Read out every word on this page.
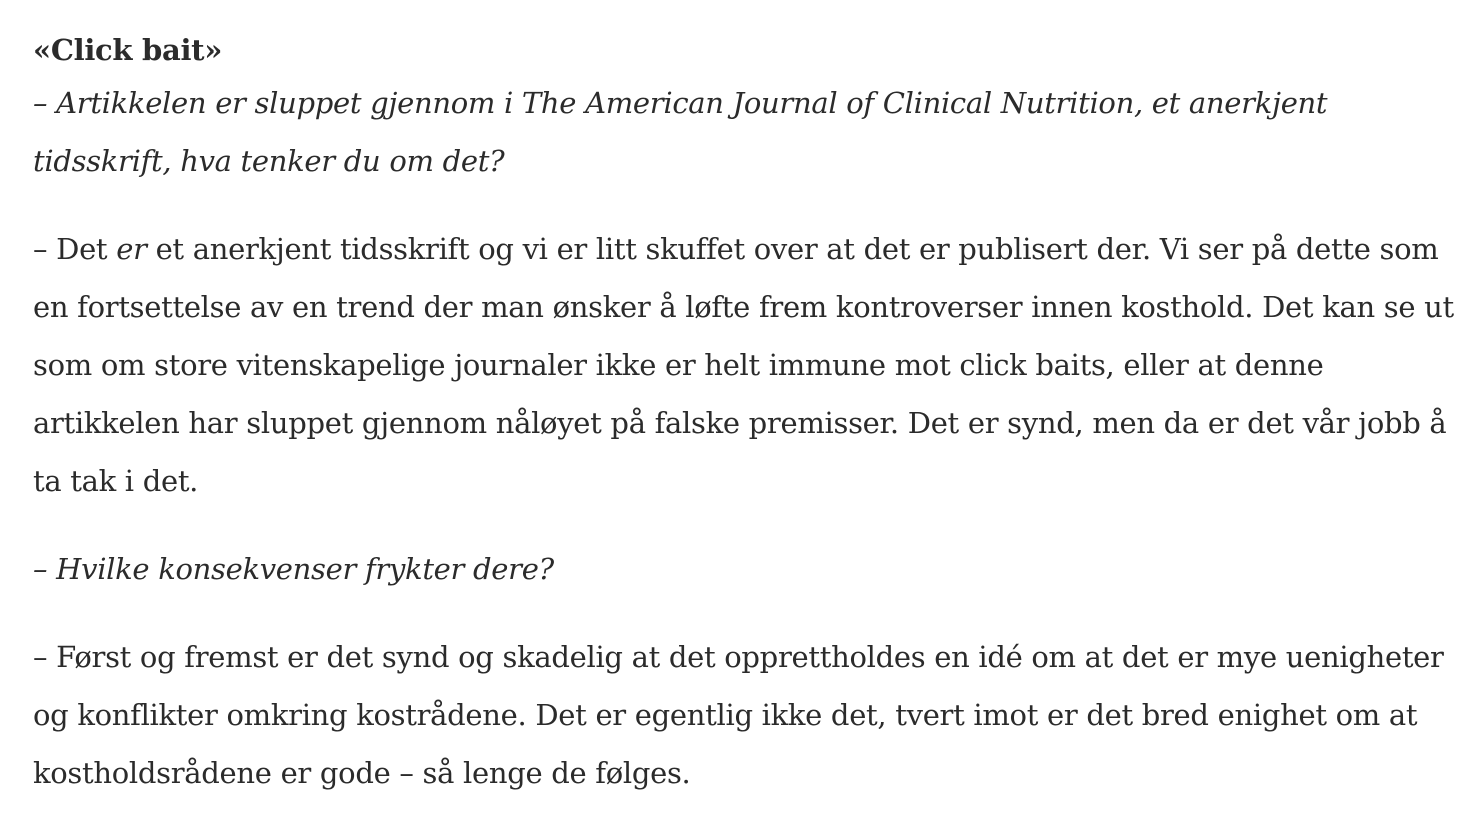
«Click bait»

– Artikkelen er sluppet gjennom i The American Journal of Clinical Nutrition, et anerkjent tidsskrift, hva tenker du om det?

– Det er et anerkjent tidsskrift og vi er litt skuffet over at det er publisert der. Vi ser på dette som en fortsettelse av en trend der man ønsker å løfte frem kontroverser innen kosthold. Det kan se ut som om store vitenskapelige journaler ikke er helt immune mot click baits, eller at denne artikkelen har sluppet gjennom nåløyet på falske premisser. Det er synd, men da er det vår jobb å ta tak i det.

– Hvilke konsekvenser frykter dere?

– Først og fremst er det synd og skadelig at det opprettholdes en idé om at det er mye uenigheter og konflikter omkring kostrådene. Det er egentlig ikke det, tvert imot er det bred enighet om at kostholdsrådene er gode – så lenge de følges.
